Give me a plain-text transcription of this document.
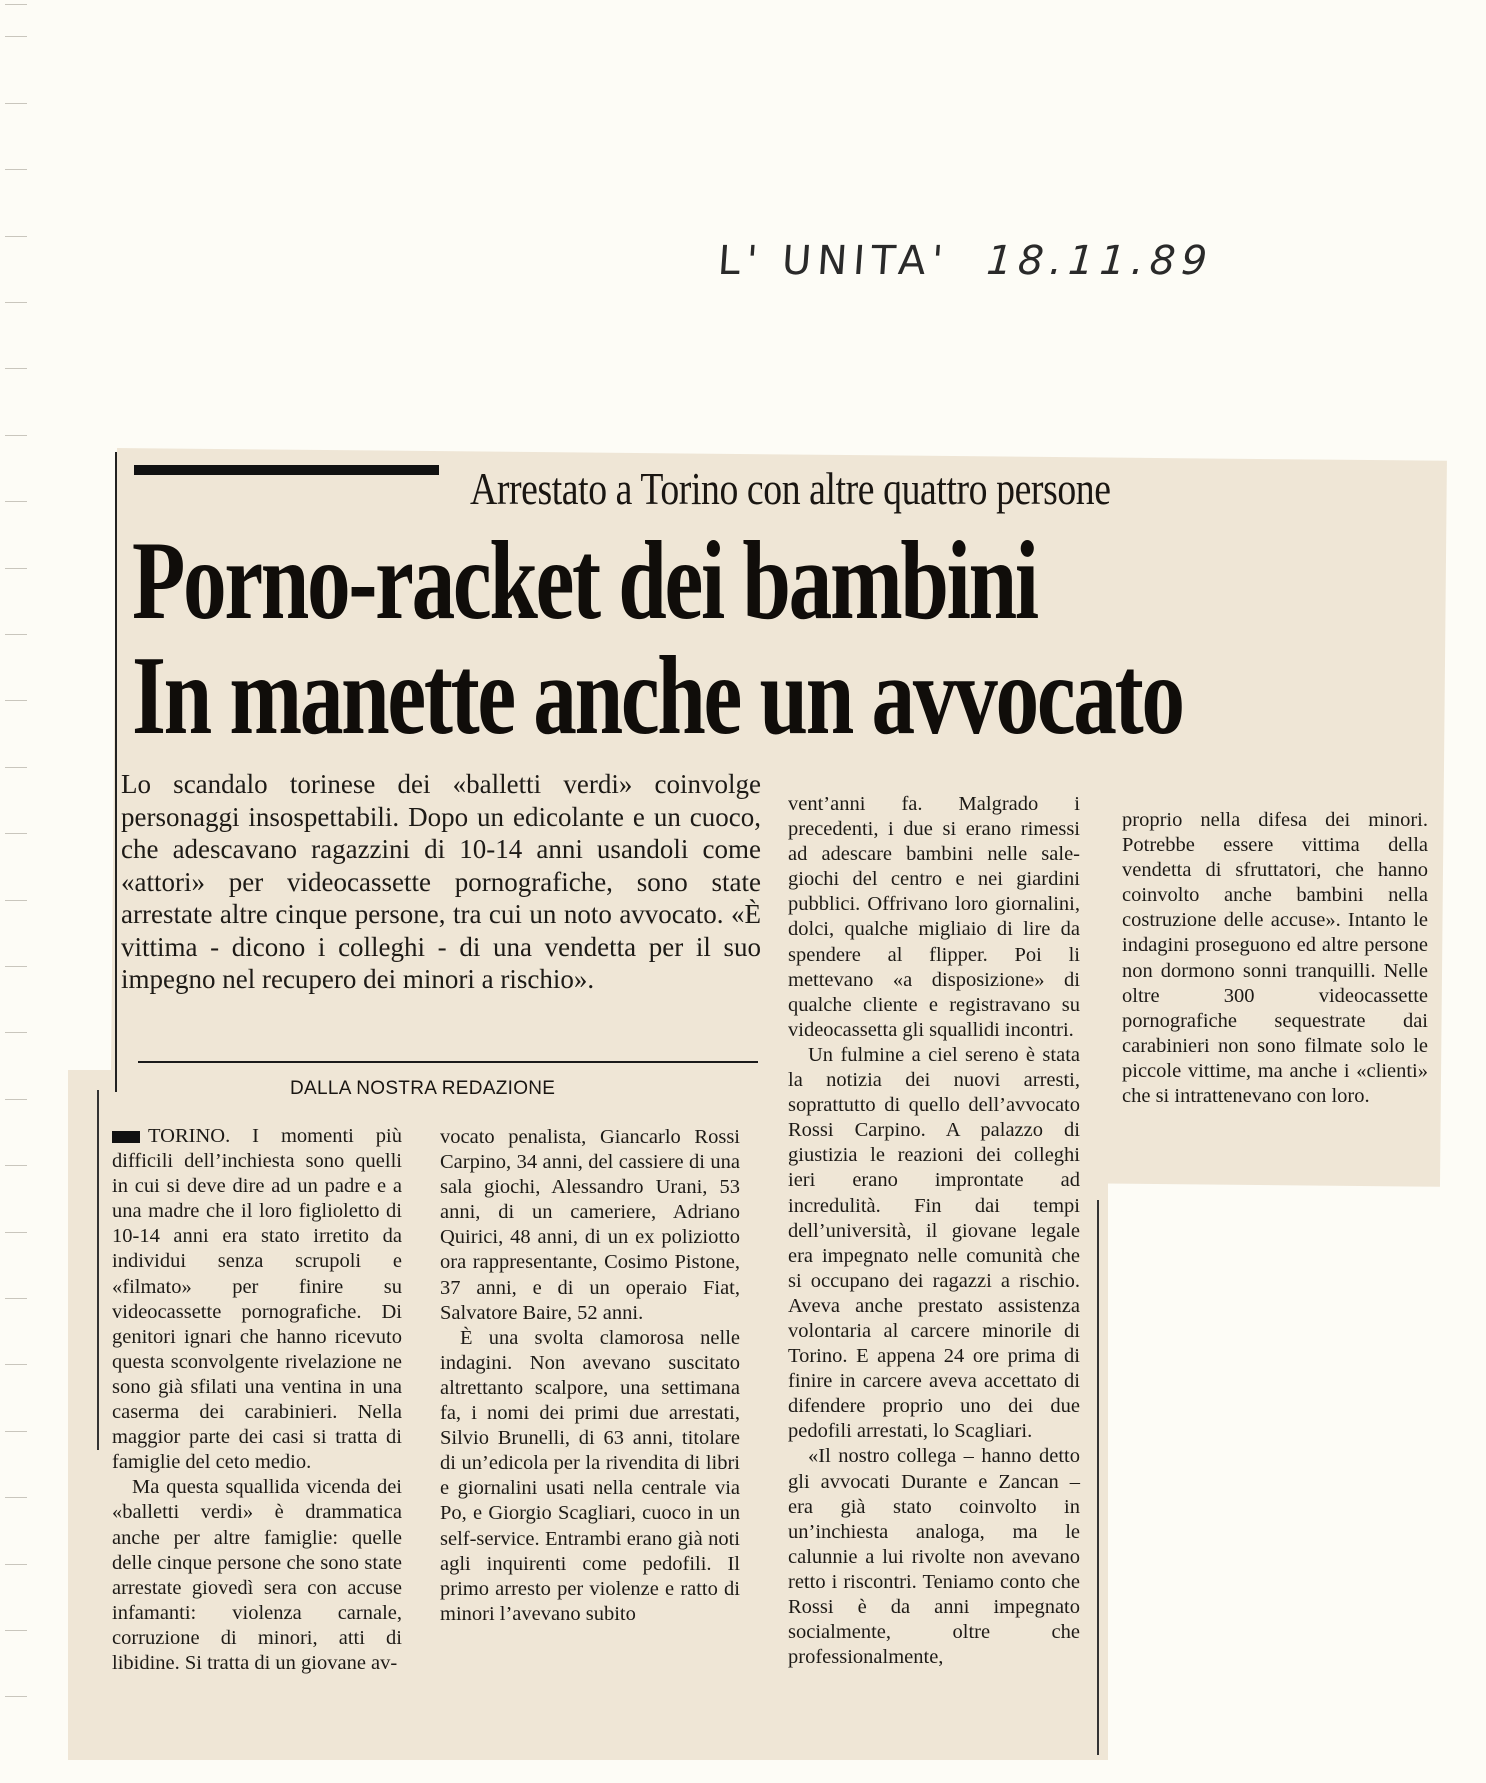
L' UNITA' 18.11.89
Arrestato a Torino con altre quattro persone
Porno-racket dei bambini
In manette anche un avvocato
Lo scandalo torinese dei «balletti verdi» coinvolge personaggi insospettabili. Dopo un edicolante e un cuoco, che adescavano ragazzini di 10-14 anni usandoli come «attori» per videocassette pornografiche, sono state arrestate altre cinque persone, tra cui un noto avvocato. «È vittima - dicono i colleghi - di una vendetta per il suo impegno nel recupero dei minori a rischio».

vent’anni fa. Malgrado i precedenti, i due si erano rimessi ad adescare bambini nelle sale-giochi del centro e nei giardini pubblici. Offrivano loro giornalini, dolci, qualche migliaio di lire da spendere al flipper. Poi li mettevano «a disposizione» di qualche cliente e registravano su videocassetta gli squallidi incontri.

Un fulmine a ciel sereno è stata la notizia dei nuovi arresti, soprattutto di quello dell’avvocato Rossi Carpino. A palazzo di giustizia le reazioni dei colleghi ieri erano improntate ad incredulità. Fin dai tempi dell’università, il giovane legale era impegnato nelle comunità che si occupano dei ragazzi a rischio. Aveva anche prestato assistenza volontaria al carcere minorile di Torino. E appena 24 ore prima di finire in carcere aveva accettato di difendere proprio uno dei due pedofili arrestati, lo Scagliari.

«Il nostro collega – hanno detto gli avvocati Durante e Zancan – era già stato coinvolto in un’inchiesta analoga, ma le calunnie a lui rivolte non avevano retto i riscontri. Teniamo conto che Rossi è da anni impegnato socialmente, oltre che professionalmente,

proprio nella difesa dei minori. Potrebbe essere vittima della vendetta di sfruttatori, che hanno coinvolto anche bambini nella costruzione delle accuse». Intanto le indagini proseguono ed altre persone non dormono sonni tranquilli. Nelle oltre 300 videocassette pornografiche sequestrate dai carabinieri non sono filmate solo le piccole vittime, ma anche i «clienti» che si intrattenevano con loro.

DALLA NOSTRA REDAZIONE

TORINO. I momenti più difficili dell’inchiesta sono quelli in cui si deve dire ad un padre e a una madre che il loro figlioletto di 10-14 anni era stato irretito da individui senza scrupoli e «filmato» per finire su videocassette pornografiche. Di genitori ignari che hanno ricevuto questa sconvolgente rivelazione ne sono già sfilati una ventina in una caserma dei carabinieri. Nella maggior parte dei casi si tratta di famiglie del ceto medio.

Ma questa squallida vicenda dei «balletti verdi» è drammatica anche per altre famiglie: quelle delle cinque persone che sono state arrestate giovedì sera con accuse infamanti: violenza carnale, corruzione di minori, atti di libidine. Si tratta di un giovane av-

vocato penalista, Giancarlo Rossi Carpino, 34 anni, del cassiere di una sala giochi, Alessandro Urani, 53 anni, di un cameriere, Adriano Quirici, 48 anni, di un ex poliziotto ora rappresentante, Cosimo Pistone, 37 anni, e di un operaio Fiat, Salvatore Baire, 52 anni.

È una svolta clamorosa nelle indagini. Non avevano suscitato altrettanto scalpore, una settimana fa, i nomi dei primi due arrestati, Silvio Brunelli, di 63 anni, titolare di un’edicola per la rivendita di libri e giornalini usati nella centrale via Po, e Giorgio Scagliari, cuoco in un self-service. Entrambi erano già noti agli inquirenti come pedofili. Il primo arresto per violenze e ratto di minori l’avevano subito
